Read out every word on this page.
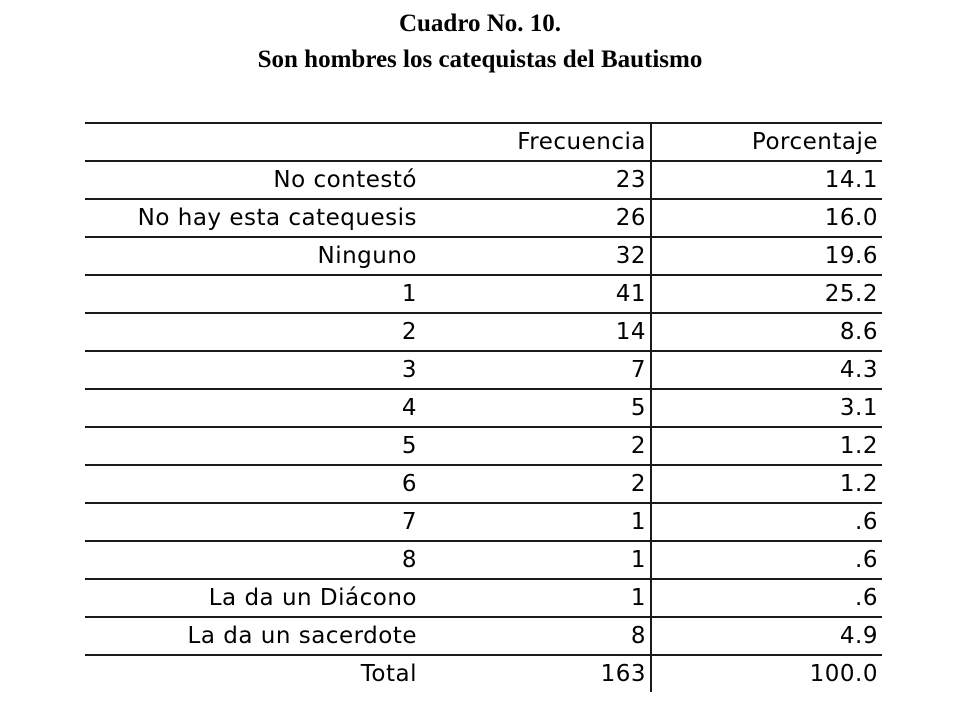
Cuadro No. 10.
Son hombres los catequistas del Bautismo
	Frecuencia	Porcentaje
No contestó	23	14.1
No hay esta catequesis	26	16.0
Ninguno	32	19.6
1	41	25.2
2	14	8.6
3	7	4.3
4	5	3.1
5	2	1.2
6	2	1.2
7	1	.6
8	1	.6
La da un Diácono	1	.6
La da un sacerdote	8	4.9
Total	163	100.0
